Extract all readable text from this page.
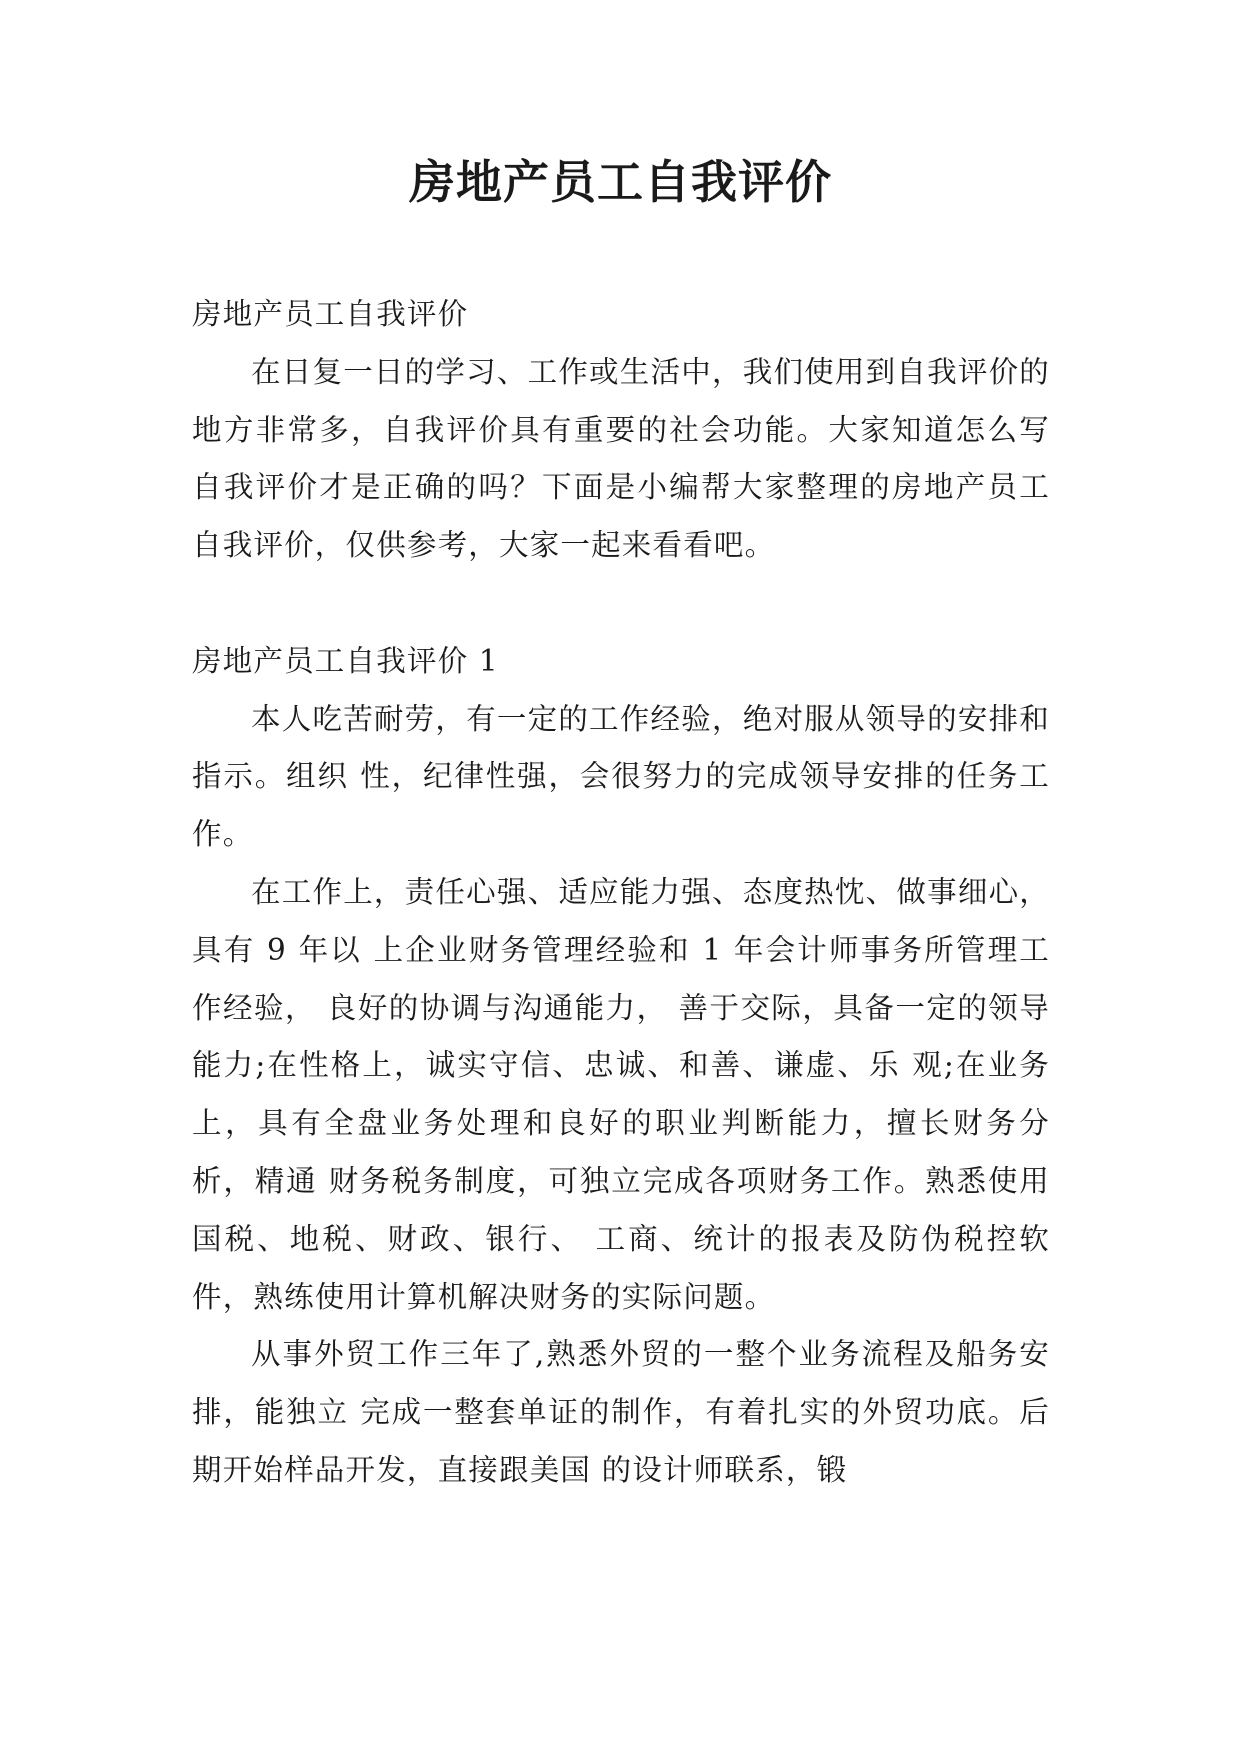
房地产员工自我评价

房地产员工自我评价

在日复一日的学习、工作或生活中，我们使用到自我评价的地方非常多，自我评价具有重要的社会功能。大家知道怎么写自我评价才是正确的吗？下面是小编帮大家整理的房地产员工自我评价，仅供参考，大家一起来看看吧。

房地产员工自我评价 1

本人吃苦耐劳，有一定的工作经验，绝对服从领导的安排和指示。组织 性，纪律性强，会很努力的完成领导安排的任务工作。

在工作上，责任心强、适应能力强、态度热忱、做事细心，具有 9 年以 上企业财务管理经验和 1 年会计师事务所管理工作经验， 良好的协调与沟通能力， 善于交际，具备一定的领导能力;在性格上，诚实守信、忠诚、和善、谦虚、乐 观;在业务上，具有全盘业务处理和良好的职业判断能力，擅长财务分析，精通 财务税务制度，可独立完成各项财务工作。熟悉使用国税、地税、财政、银行、 工商、统计的报表及防伪税控软件，熟练使用计算机解决财务的实际问题。

从事外贸工作三年了,熟悉外贸的一整个业务流程及船务安排，能独立 完成一整套单证的制作，有着扎实的外贸功底。后期开始样品开发，直接跟美国 的设计师联系，锻
